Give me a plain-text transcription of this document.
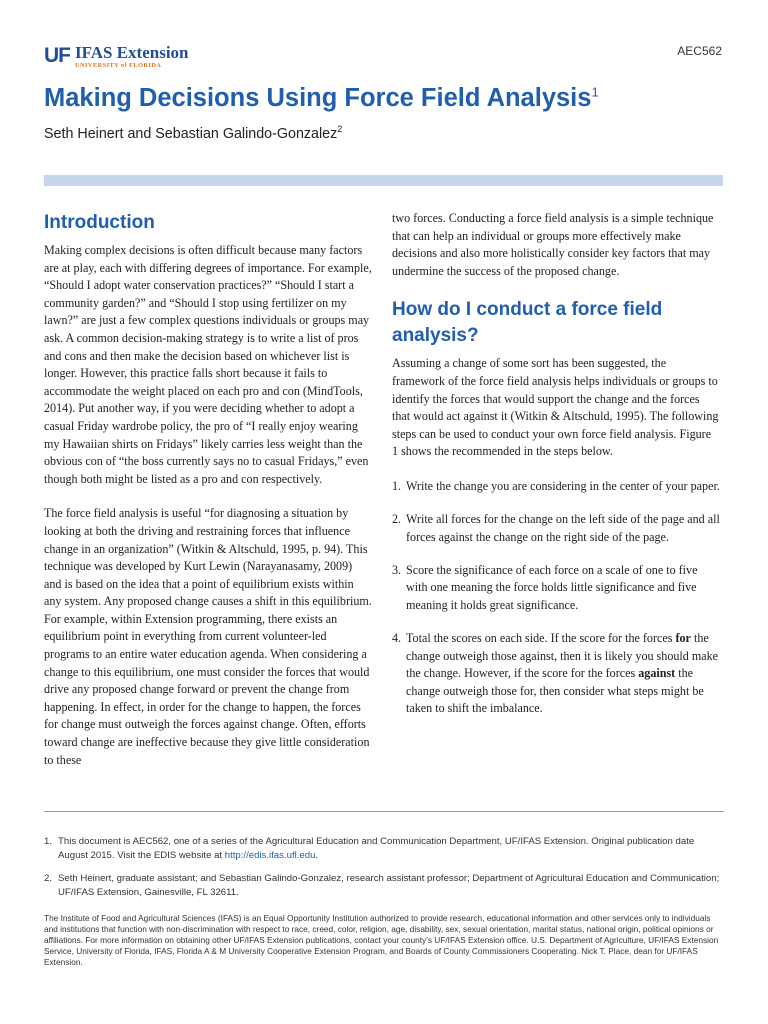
UF IFAS Extension
UNIVERSITY of FLORIDA
AEC562
Making Decisions Using Force Field Analysis$^1$
Seth Heinert and Sebastian Galindo-Gonzalez$^2$
Introduction

Making complex decisions is often difficult because many factors are at play, each with differing degrees of importance. For example, “Should I adopt water conservation practices?” “Should I start a community garden?” and “Should I stop using fertilizer on my lawn?” are just a few complex questions individuals or groups may ask. A common decision-making strategy is to write a list of pros and cons and then make the decision based on whichever list is longer. However, this practice falls short because it fails to accommodate the weight placed on each pro and con (MindTools, 2014). Put another way, if you were deciding whether to adopt a casual Friday wardrobe policy, the pro of “I really enjoy wearing my Hawaiian shirts on Fridays” likely carries less weight than the obvious con of “the boss currently says no to casual Fridays,” even though both might be listed as a pro and con respectively.

The force field analysis is useful “for diagnosing a situation by looking at both the driving and restraining forces that influence change in an organization” (Witkin & Altschuld, 1995, p. 94). This technique was developed by Kurt Lewin (Narayanasamy, 2009) and is based on the idea that a point of equilibrium exists within any system. Any proposed change causes a shift in this equilibrium. For example, within Extension programming, there exists an equilibrium point in everything from current volunteer-led programs to an entire water education agenda. When considering a change to this equilibrium, one must consider the forces that would drive any proposed change forward or prevent the change from happening. In effect, in order for the change to happen, the forces for change must outweigh the forces against change. Often, efforts toward change are ineffective because they give little consideration to these

two forces. Conducting a force field analysis is a simple technique that can help an individual or groups more effectively make decisions and also more holistically consider key factors that may undermine the success of the proposed change.

How do I conduct a force field analysis?

Assuming a change of some sort has been suggested, the framework of the force field analysis helps individuals or groups to identify the forces that would support the change and the forces that would act against it (Witkin & Altschuld, 1995). The following steps can be used to conduct your own force field analysis. Figure 1 shows the recommended in the steps below.

1. Write the change you are considering in the center of your paper.
2. Write all forces for the change on the left side of the page and all forces against the change on the right side of the page.
3. Score the significance of each force on a scale of one to five with one meaning the force holds little significance and five meaning it holds great significance.
4. Total the scores on each side. If the score for the forces for the change outweigh those against, then it is likely you should make the change. However, if the score for the forces against the change outweigh those for, then consider what steps might be taken to shift the imbalance.
1. This document is AEC562, one of a series of the Agricultural Education and Communication Department, UF/IFAS Extension. Original publication date August 2015. Visit the EDIS website at http://edis.ifas.ufl.edu.
2. Seth Heinert, graduate assistant; and Sebastian Galindo-Gonzalez, research assistant professor; Department of Agricultural Education and Communication; UF/IFAS Extension, Gainesville, FL 32611.
The Institute of Food and Agricultural Sciences (IFAS) is an Equal Opportunity Institution authorized to provide research, educational information and other services only to individuals and institutions that function with non-discrimination with respect to race, creed, color, religion, age, disability, sex, sexual orientation, marital status, national origin, political opinions or affiliations. For more information on obtaining other UF/IFAS Extension publications, contact your county’s UF/IFAS Extension office. U.S. Department of Agriculture, UF/IFAS Extension Service, University of Florida, IFAS, Florida A & M University Cooperative Extension Program, and Boards of County Commissioners Cooperating. Nick T. Place, dean for UF/IFAS Extension.
